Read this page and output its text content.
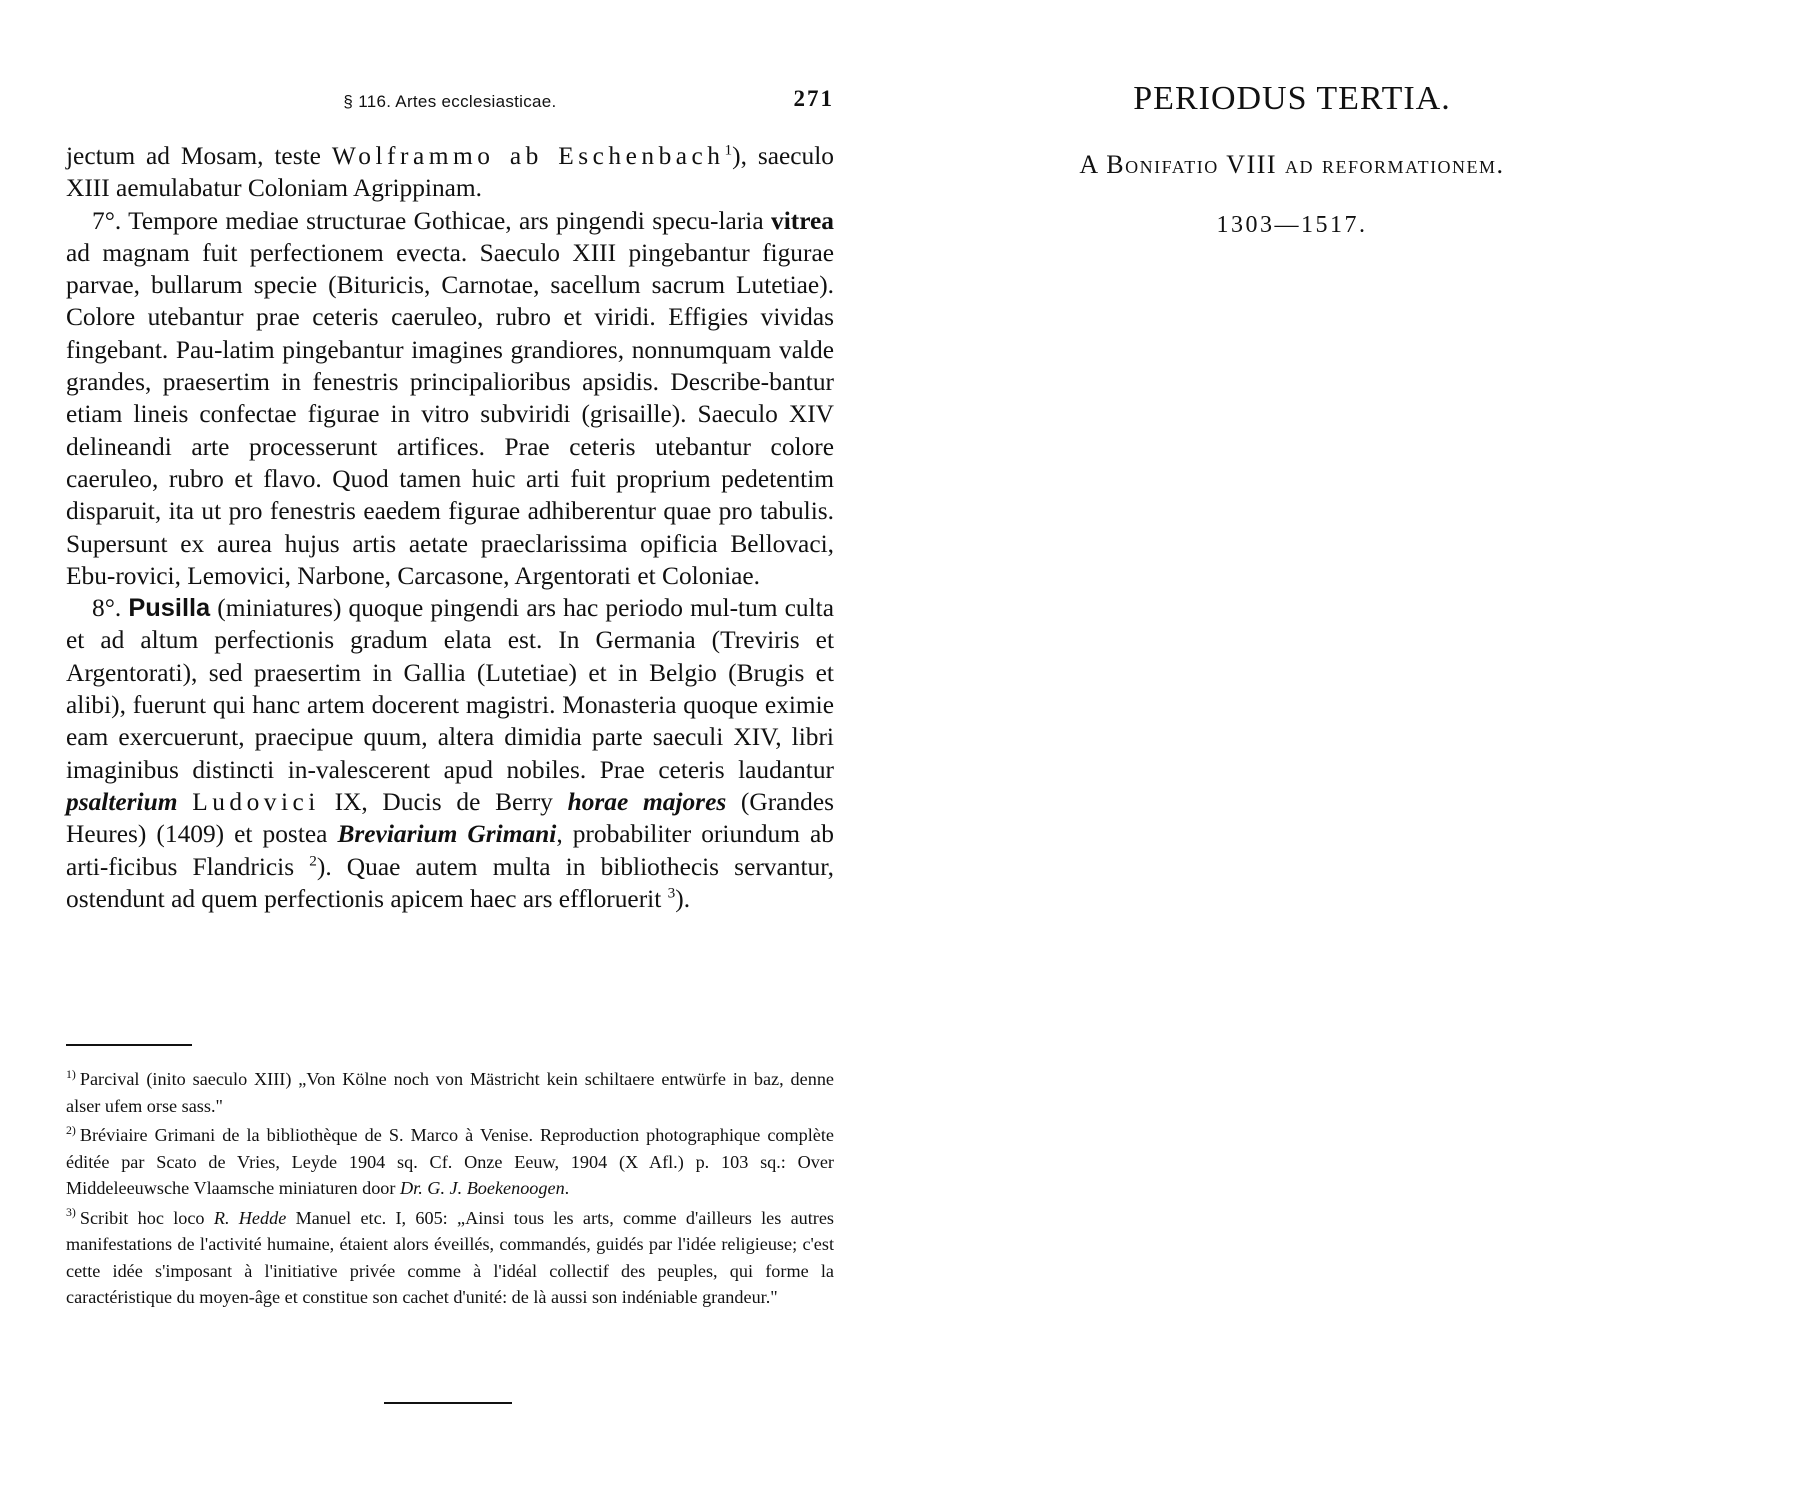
§ 116. Artes ecclesiasticae.	271

jectum ad Mosam, teste Wolframmo ab Eschenbach$^1$), saeculo XIII aemulabatur Coloniam Agrippinam.

7°. Tempore mediae structurae Gothicae, ars pingendi specu-laria vitrea ad magnam fuit perfectionem evecta. Saeculo XIII pingebantur figurae parvae, bullarum specie (Bituricis, Carnotae, sacellum sacrum Lutetiae). Colore utebantur prae ceteris caeruleo, rubro et viridi. Effigies vividas fingebant. Pau-latim pingebantur imagines grandiores, nonnumquam valde grandes, praesertim in fenestris principalioribus apsidis. Describe-bantur etiam lineis confectae figurae in vitro subviridi (grisaille). Saeculo XIV delineandi arte processerunt artifices. Prae ceteris utebantur colore caeruleo, rubro et flavo. Quod tamen huic arti fuit proprium pedetentim disparuit, ita ut pro fenestris eaedem figurae adhiberentur quae pro tabulis. Supersunt ex aurea hujus artis aetate praeclarissima opificia Bellovaci, Ebu-rovici, Lemovici, Narbone, Carcasone, Argentorati et Coloniae.

8°. Pusilla (miniatures) quoque pingendi ars hac periodo mul-tum culta et ad altum perfectionis gradum elata est. In Germania (Treviris et Argentorati), sed praesertim in Gallia (Lutetiae) et in Belgio (Brugis et alibi), fuerunt qui hanc artem docerent magistri. Monasteria quoque eximie eam exercuerunt, praecipue quum, altera dimidia parte saeculi XIV, libri imaginibus distincti in-valescerent apud nobiles. Prae ceteris laudantur psalterium Ludovici IX, Ducis de Berry horae majores (Grandes Heures) (1409) et postea Breviarium Grimani, probabiliter oriundum ab arti-ficibus Flandricis $^2$). Quae autem multa in bibliothecis servantur, ostendunt ad quem perfectionis apicem haec ars effloruerit $^3$).

$^{1)}$ Parcival (inito saeculo XIII) „Von Kölne noch von Mästricht kein schiltaere entwürfe in baz, denne alser ufem orse sass."

$^{2)}$ Bréviaire Grimani de la bibliothèque de S. Marco à Venise. Reproduction photographique complète éditée par Scato de Vries, Leyde 1904 sq. Cf. Onze Eeuw, 1904 (X Afl.) p. 103 sq.: Over Middeleeuwsche Vlaamsche miniaturen door Dr. G. J. Boekenoogen.

$^{3)}$ Scribit hoc loco R. Hedde Manuel etc. I, 605: „Ainsi tous les arts, comme d'ailleurs les autres manifestations de l'activité humaine, étaient alors éveillés, commandés, guidés par l'idée religieuse; c'est cette idée s'imposant à l'initiative privée comme à l'idéal collectif des peuples, qui forme la caractéristique du moyen-âge et constitue son cachet d'unité: de là aussi son indéniable grandeur."

PERIODUS TERTIA.
A Bonifatio VIII ad reformationem.
1303—1517.
